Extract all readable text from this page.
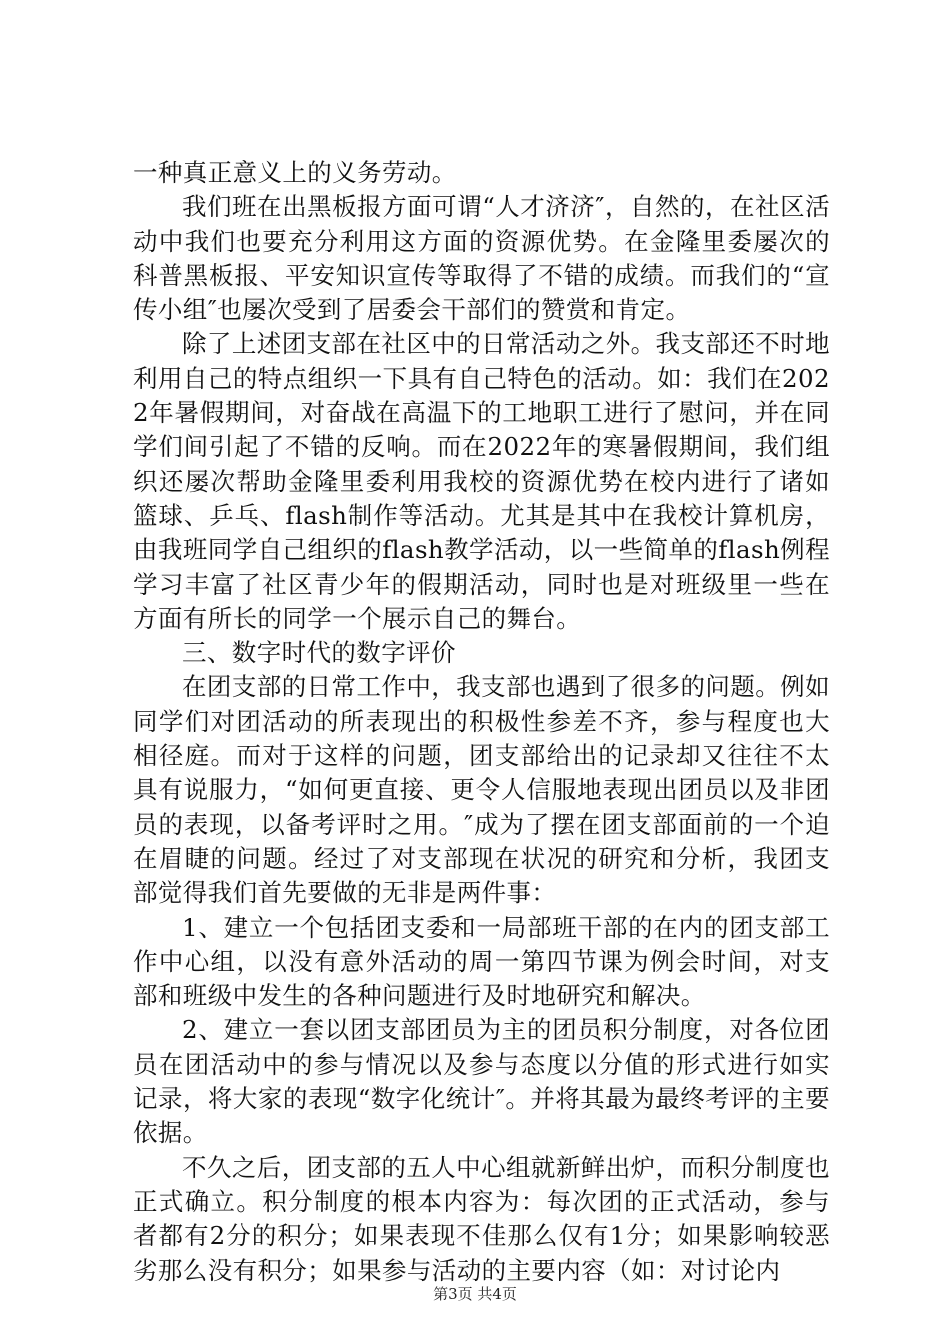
一种真正意义上的义务劳动。

我们班在出黑板报方面可谓“人才济济″，自然的，在社区活动中我们也要充分利用这方面的资源优势。在金隆里委屡次的科普黑板报、平安知识宣传等取得了不错的成绩。而我们的“宣传小组″也屡次受到了居委会干部们的赞赏和肯定。

除了上述团支部在社区中的日常活动之外。我支部还不时地利用自己的特点组织一下具有自己特色的活动。如：我们在2022年暑假期间，对奋战在高温下的工地职工进行了慰问，并在同学们间引起了不错的反响。而在2022年的寒暑假期间，我们组织还屡次帮助金隆里委利用我校的资源优势在校内进行了诸如篮球、乒乓、flash制作等活动。尤其是其中在我校计算机房，由我班同学自己组织的flash教学活动，以一些简单的flash例程学习丰富了社区青少年的假期活动，同时也是对班级里一些在方面有所长的同学一个展示自己的舞台。

三、数字时代的数字评价

在团支部的日常工作中，我支部也遇到了很多的问题。例如同学们对团活动的所表现出的积极性参差不齐，参与程度也大相径庭。而对于这样的问题，团支部给出的记录却又往往不太具有说服力，“如何更直接、更令人信服地表现出团员以及非团员的表现，以备考评时之用。″成为了摆在团支部面前的一个迫在眉睫的问题。经过了对支部现在状况的研究和分析，我团支部觉得我们首先要做的无非是两件事：

1、建立一个包括团支委和一局部班干部的在内的团支部工作中心组，以没有意外活动的周一第四节课为例会时间，对支部和班级中发生的各种问题进行及时地研究和解决。

2、建立一套以团支部团员为主的团员积分制度，对各位团员在团活动中的参与情况以及参与态度以分值的形式进行如实记录，将大家的表现“数字化统计″。并将其最为最终考评的主要依据。

不久之后，团支部的五人中心组就新鲜出炉，而积分制度也正式确立。积分制度的根本内容为：每次团的正式活动，参与者都有2分的积分；如果表现不佳那么仅有1分；如果影响较恶劣那么没有积分；如果参与活动的主要内容（如：对讨论内

第3页 共4页
